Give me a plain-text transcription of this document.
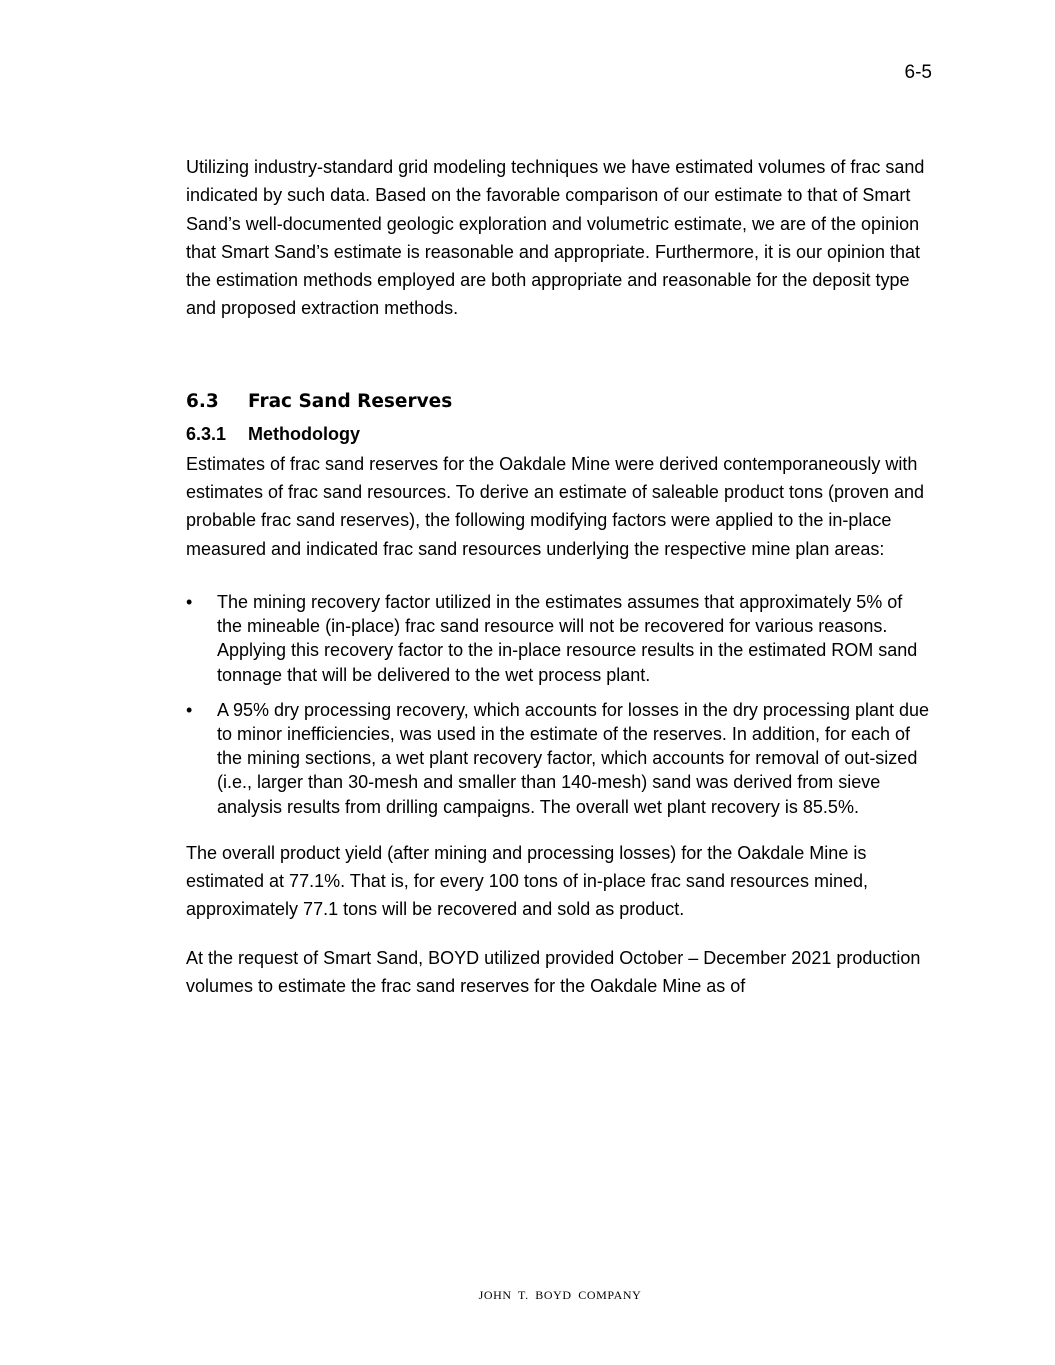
6-5

Utilizing industry-standard grid modeling techniques we have estimated volumes of frac sand indicated by such data. Based on the favorable comparison of our estimate to that of Smart Sand’s well-documented geologic exploration and volumetric estimate, we are of the opinion that Smart Sand’s estimate is reasonable and appropriate. Furthermore, it is our opinion that the estimation methods employed are both appropriate and reasonable for the deposit type and proposed extraction methods.

6.3	Frac Sand Reserves
6.3.1	Methodology

Estimates of frac sand reserves for the Oakdale Mine were derived contemporaneously with estimates of frac sand resources. To derive an estimate of saleable product tons (proven and probable frac sand reserves), the following modifying factors were applied to the in-place measured and indicated frac sand resources underlying the respective mine plan areas:

• The mining recovery factor utilized in the estimates assumes that approximately 5% of the mineable (in-place) frac sand resource will not be recovered for various reasons. Applying this recovery factor to the in-place resource results in the estimated ROM sand tonnage that will be delivered to the wet process plant.
• A 95% dry processing recovery, which accounts for losses in the dry processing plant due to minor inefficiencies, was used in the estimate of the reserves. In addition, for each of the mining sections, a wet plant recovery factor, which accounts for removal of out-sized (i.e., larger than 30-mesh and smaller than 140-mesh) sand was derived from sieve analysis results from drilling campaigns. The overall wet plant recovery is 85.5%.

The overall product yield (after mining and processing losses) for the Oakdale Mine is estimated at 77.1%. That is, for every 100 tons of in-place frac sand resources mined, approximately 77.1 tons will be recovered and sold as product.

At the request of Smart Sand, BOYD utilized provided October – December 2021 production volumes to estimate the frac sand reserves for the Oakdale Mine as of

JOHN T. BOYD COMPANY
